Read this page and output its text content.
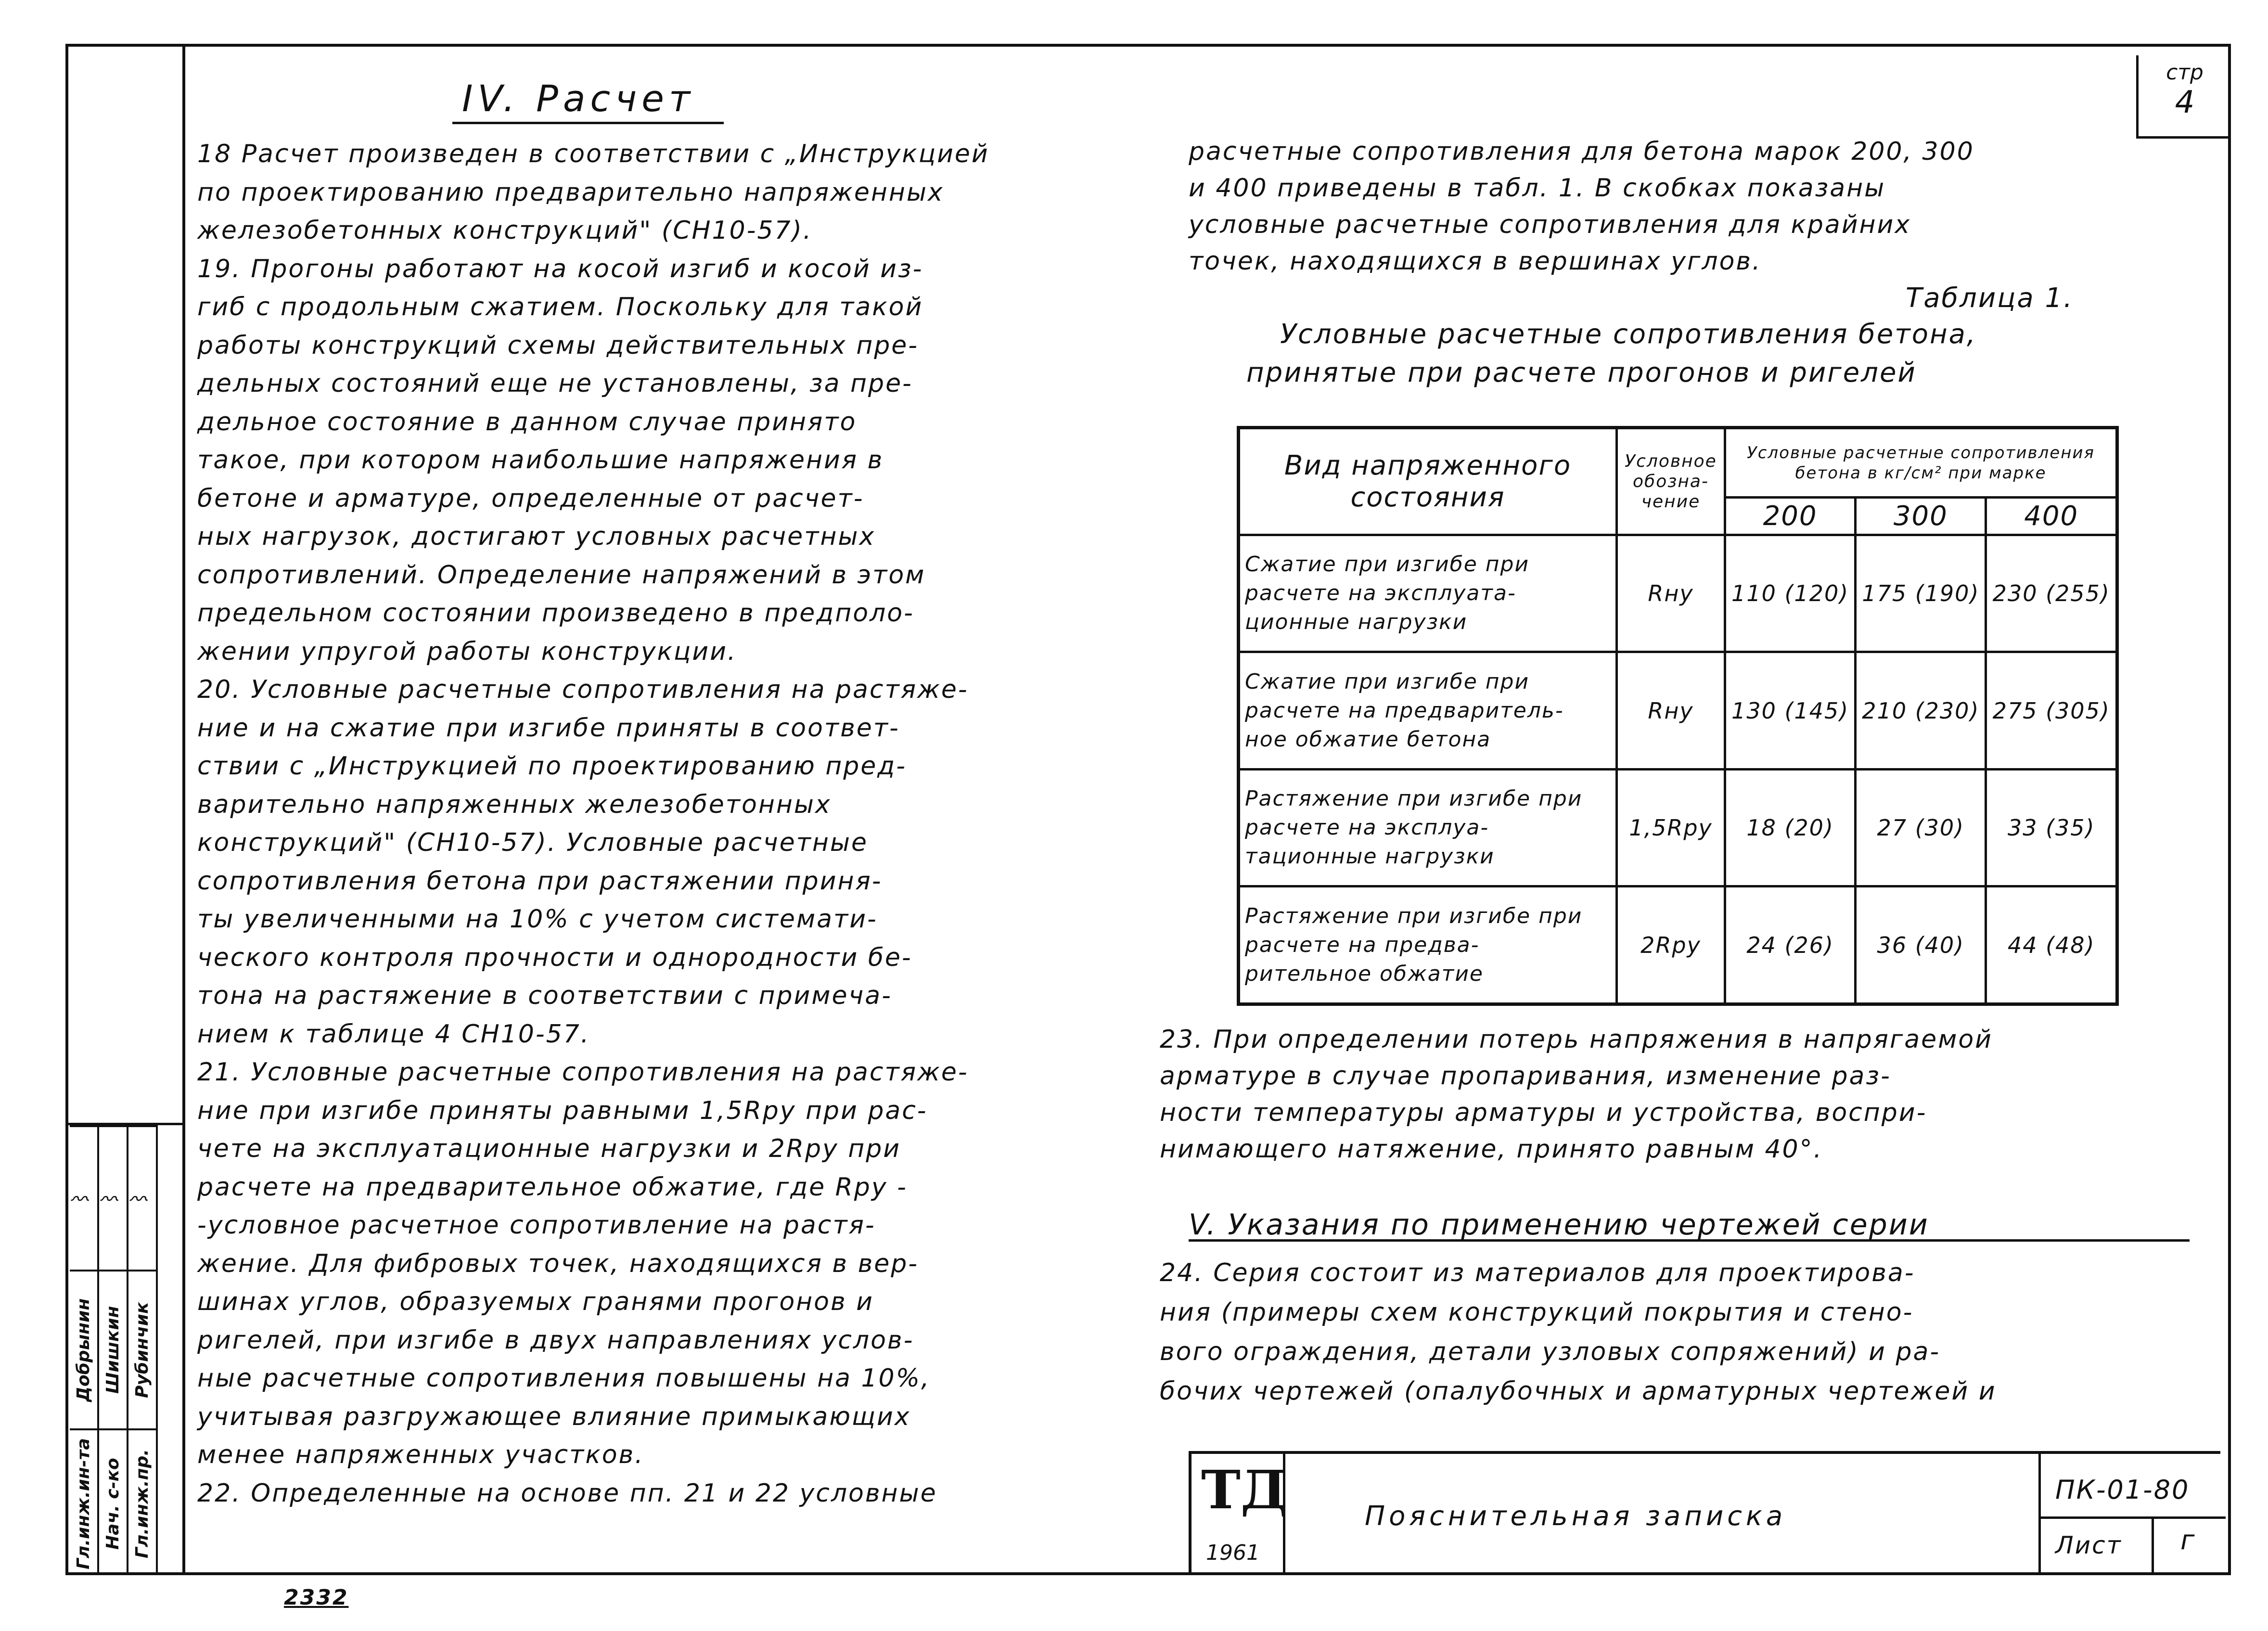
IV. Расчет
стр
4
18 Расчет произведен в соответствии с „Инструкцией
по проектированию предварительно напряженных
железобетонных конструкций" (СН10-57).
19. Прогоны работают на косой изгиб и косой из-
гиб с продольным сжатием. Поскольку для такой
работы конструкций схемы действительных пре-
дельных состояний еще не установлены, за пре-
дельное состояние в данном случае принято
такое, при котором наибольшие напряжения в
бетоне и арматуре, определенные от расчет-
ных нагрузок, достигают условных расчетных
сопротивлений. Определение напряжений в этом
предельном состоянии произведено в предполо-
жении упругой работы конструкции.
20. Условные расчетные сопротивления на растяже-
ние и на сжатие при изгибе приняты в соответ-
ствии с „Инструкцией по проектированию пред-
варительно напряженных железобетонных
конструкций" (СН10-57). Условные расчетные
сопротивления бетона при растяжении приня-
ты увеличенными на 10% с учетом системати-
ческого контроля прочности и однородности бе-
тона на растяжение в соответствии с примеча-
нием к таблице 4 СН10-57.
21. Условные расчетные сопротивления на растяже-
ние при изгибе приняты равными 1,5Rру при рас-
чете на эксплуатационные нагрузки и 2Rру при
расчете на предварительное обжатие, где Rру -
-условное расчетное сопротивление на растя-
жение. Для фибровых точек, находящихся в вер-
шинах углов, образуемых гранями прогонов и
ригелей, при изгибе в двух направлениях услов-
ные расчетные сопротивления повышены на 10%,
учитывая разгружающее влияние примыкающих
менее напряженных участков.
22. Определенные на основе пп. 21 и 22 условные
расчетные сопротивления для бетона марок 200, 300
и 400 приведены в табл. 1. В скобках показаны
условные расчетные сопротивления для крайних
точек, находящихся в вершинах углов.
Таблица 1.
Условные расчетные сопротивления бетона,
принятые при расчете прогонов и ригелей
Вид напряженного состояния	Условное обозна- чение	Условные расчетные сопротивления бетона в кг/см² при марке		
		200	300	400
Сжатие при изгибе при расчете на эксплуата- ционные нагрузки	Rну	110 (120)	175 (190)	230 (255)
Сжатие при изгибе при расчете на предваритель- ное обжатие бетона	Rну	130 (145)	210 (230)	275 (305)
Растяжение при изгибе при расчете на эксплуа- тационные нагрузки	1,5Rру	18 (20)	27 (30)	33 (35)
Растяжение при изгибе при расчете на предва- рительное обжатие	2Rру	24 (26)	36 (40)	44 (48)
23. При определении потерь напряжения в напрягаемой
арматуре в случае пропаривания, изменение раз-
ности температуры арматуры и устройства, воспри-
нимающего натяжение, принято равным 40°.
V. Указания по применению чертежей серии
24. Серия состоит из материалов для проектирова-
ния (примеры схем конструкций покрытия и стено-
вого ограждения, детали узловых сопряжений) и ра-
бочих чертежей (опалубочных и арматурных чертежей и
ТД
1961
Пояснительная записка
ПК-01-80
Лист г
〰
Добрынин
Гл.инж.ин-та
〰
Шишкин
Нач. с-ко
〰
Рубинчик
Гл.инж.пр.
2332
